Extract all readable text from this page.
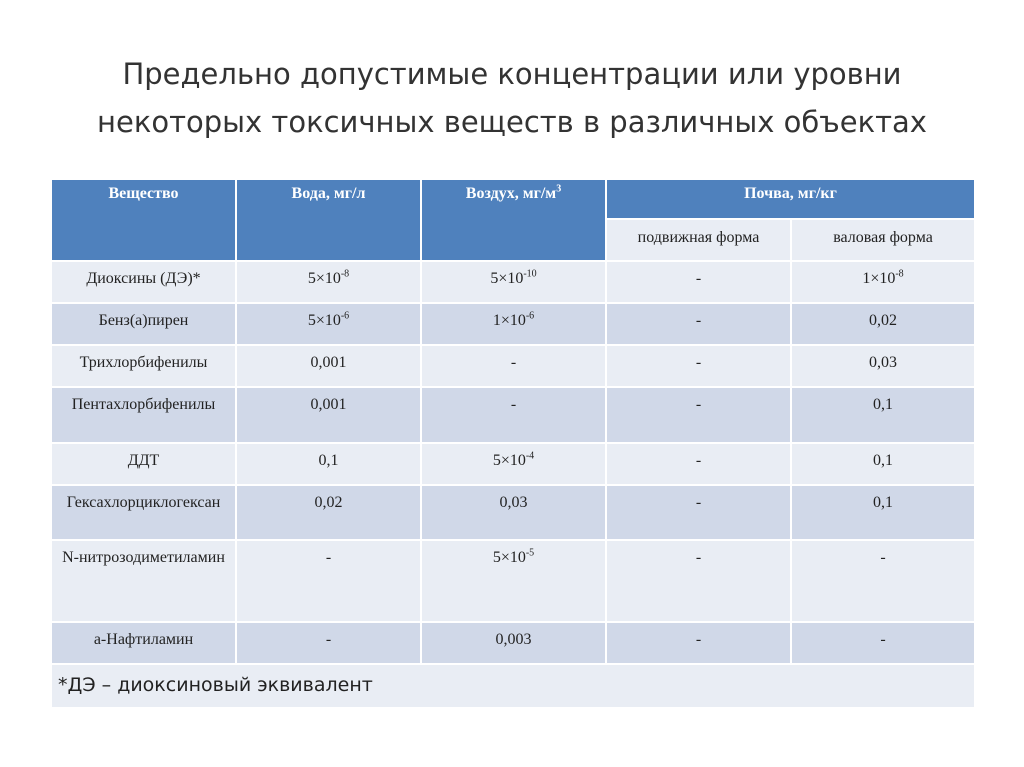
Предельно допустимые концентрации или уровни
некоторых токсичных веществ в различных объектах
Вещество	Вода, мг/л	Воздух, $мг/м^3$	Почва, мг/кг	
			подвижная форма	валовая форма
Диоксины (ДЭ)*	$5\times 10^{-8}$	$5\times 10^{-10}$	-	$1\times 10^{-8}$
Бенз(а)пирен	$5\times 10^{-6}$	$1\times 10^{-6}$	-	0,02
Трихлорбифенилы	0,001	-	-	0,03
Пентахлорбифенилы	0,001	-	-	0,1
ДДТ	0,1	$5\times 10^{-4}$	-	0,1
Гексахлорциклогексан	0,02	0,03	-	0,1
N-нитрозодиметиламин	-	$5\times 10^{-5}$	-	-
а-Нафтиламин	-	0,003	-	-
*ДЭ – диоксиновый эквивалент				
